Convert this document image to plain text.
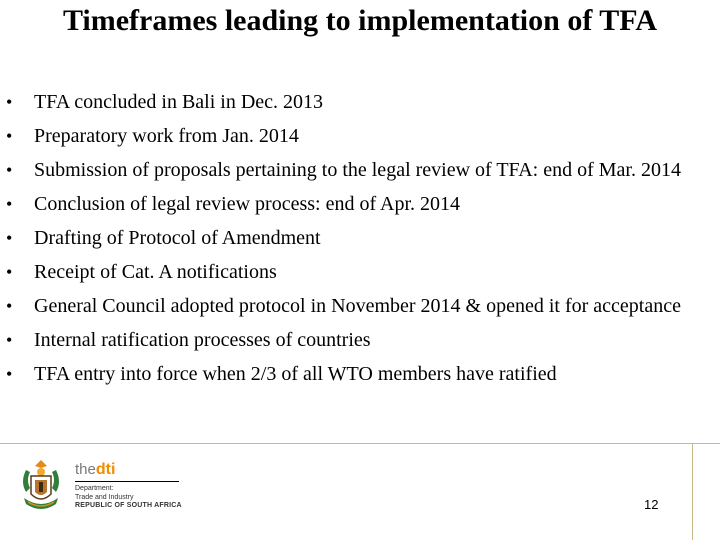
Timeframes leading to implementation of TFA
• TFA concluded in Bali in Dec. 2013
• Preparatory work from Jan. 2014
• Submission of proposals pertaining to the legal review of TFA: end of Mar. 2014
• Conclusion of legal review process: end of Apr. 2014
• Drafting of Protocol of Amendment
• Receipt of Cat. A notifications
• General Council adopted protocol in November 2014 & opened it for acceptance
• Internal ratification processes of countries
• TFA entry into force when 2/3 of all WTO members have ratified
thedti
Department:
Trade and Industry
REPUBLIC OF SOUTH AFRICA	12
